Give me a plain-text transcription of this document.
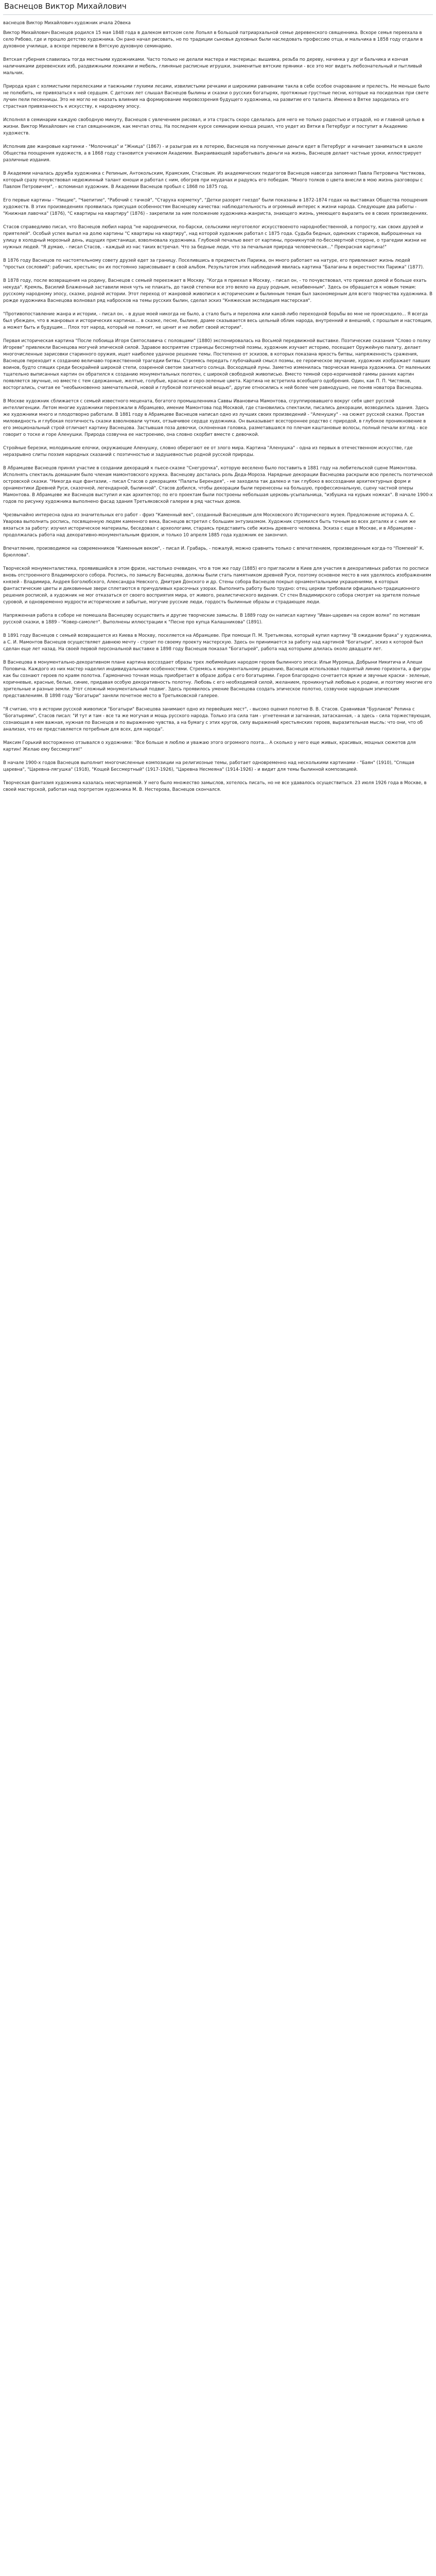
Васнецов Виктор Михайлович
васнецов Виктор Михайлович-художник ичала 20века

Виктор Михайлович Васнецов родился 15 мая 1848 года в далеком вятском селе Лопьял в большой патриархальной семье деревенского священника. Вскоре семья переехала в село Рябово, где и прошло детство художника. Он рано начал рисовать, но по традиции сыновья духовных были наследовать профессию отца, и мальчика в 1858 году отдали в духовное училище, а вскоре перевели в Вятскую духовную семинарию.

Вятская губерния славилась тогда местными художниками. Часто только не делали мастера и мастерицы: вышивка, резьба по дереву, начинка у дуг и бальчика и кончая наличниками деревенских изб, раздвижными ложками и мебель, глиняные расписные игрушки, знаменитые вятские пряники - все это мог видеть любознательный и пытливый мальчик.

Природа края с холмистыми перелесками и таежными глухими лесами, извилистыми речками и широкими равнинами такла в себе особое очарование и прелесть. Не меньше было не полюбить, не привязаться к ней сердцем. С детских лет слышал Васнецов былины и сказки о русских богатырях, протяжные грустные песни, которые на посиделках при свете лучин пели песенницы. Это не могло не оказать влияния на формирование мировоззрения будущего художника, на развитие его таланта. Именно в Вятке зародилась его страстная привязанность к искусству, к народному эпосу.

Исполнял в семинарии каждую свободную минуту, Васнецов с увлечением рисовал, и эта страсть скоро сделалась для него не только радостью и отрадой, но и главной целью в жизни. Виктор Михайлович не стал священником, как мечтал отец. На последнем курсе семинарии юноша решил, что уедет из Вятки в Петербург и поступит в Академию художеств.

Исполнив две жанровые картинки - "Молочница" и "Жница" (1867) - и разыграв их в лотерею, Васнецов на полученные деньги едет в Петербург и начинает заниматься в школе Общества поощрения художеств, а в 1868 году становится учеником Академии. Выкраивающей заработывать деньги на жизнь, Васнецов делает частные уроки, иллюстрирует различные издания.

В Академии началась дружба художника с Репиным, Антокольским, Крамским, Стасовым. Из академических педагогов Васнецов навсегда запомнил Павла Петровича Чистякова, который сразу почувствовал недюжинный талант юноши и работал с ним, обогрев при неудачах и радуясь его победам. "Много толков о цвета внесли в мою жизнь разговоры с Павлом Петровичем", - вспоминал художник. В Академии Васнецов пробыл с 1868 по 1875 год.

Его первые картины - "Нищие", "Чаепитие", "Рабочий с тачкой", "Старуха корметку", "Детки разорят гнездо" были показаны в 1872-1874 годах на выставках Общества поощрения художеств. В этих произведениях проявилась присущая особенностям Васнецову качества: наблюдательность и огромный интерес к жизни народа. Следующие два работы - "Книжная лавочка" (1876), "С квартиры на квартиру" (1876) - закрепили за ним положение художника-жанриста, знающего жизнь, умеющего выразить ее в своих произведениях.

Стасов справедливо писал, что Васнецов любил народ "не народнически, по-барски, сельскими неуготоелог искусствоеното народнобественной, а попросту, как своих друзей и приятелей". Особый успех выпал на долю картины "С квартиры на квартиру", над которой художник работал с 1875 года. Судьба бедных, одиноких стариков, выброшенных на улицу в холодный морозный день, ищущих пристанище, взволновала художника. Глубокой печалью веет от картины, проникнутой по-бессмертной стороне, о трагедии жизни не нужных людей. "Я думаю, - писал Стасов, - каждый из нас таких встречал. Что за бедные люди, что за печальная природа человеческая..." Прекрасная картина!"

В 1876 году Васнецов по настоятельному совету друзей едет за границу. Поселившись в предместьях Парижа, он много работает на натуре, его привлекают жизнь людей "простых сословий": рабочих, крестьян; он их постоянно зарисовывает в свой альбом. Результатом этих наблюдений явилась картина "Балаганы в окрестностях Парижа" (1877).

В 1878 году, после возвращения на родину, Васнецов с семьей переезжает в Москву. "Когда я приехал в Москву, - писал он, - то почувствовал, что приехал домой и больше ехать некуда". Кремль, Василий Блаженный заставили меня чуть не плакать, до такой степени все это веяло на душу родным, незабвенным". Здесь он обращается к новым темам: русскому народному эпосу, сказке, родной истории. Этот переход от жанровой живописи к историческим и былинным темам был закономерным для всего творчества художника. В рожде художника Васнецова волновал ряд набросков на темы русских былин, сделал эскиз "Княжеская экспедиция мастерская".

"Противопоставление жанра и истории, - писал он, - в душе моей никогда не было, а стало быть и перелома или какой-либо переходной борьбы во мне не происходило... Я всегда был убежден, что в жанровых и исторических картинах... в сказке, песне, былине, драме сказывается весь цельный облик народа, внутренний и внешний, с прошлым и настоящим, а может быть и будущим... Плох тот народ, который не помнит, не ценит и не любит своей истории".

Первая историческая картина "После побоища Игоря Святославича с половцами" (1880) экспонировалась на Восьмой передвижной выставке. Поэтические сказания "Слово о полку Игореве" привлекли Васнецова могучей эпической силой. Здравое восприятие страницы бессмертной поэмы, художник изучает историю, посещает Оружейную палату, делает многочисленные зарисовки старинного оружия, ищет наиболее удачное решение темы. Постепенно от эскизов, в которых показана яркость битвы, напряженность сражения, Васнецов переходит к созданию величаво-торжественной трагедии битвы. Стремясь передать глубочайший смысл поэмы, ее героическое звучание, художник изображает павших воинов, будто спящих среди бескрайней широкой степи, озаренной светом закатного солнца. Восходящей луны. Заметно изменилась творческая манера художника. От маленьких тщательно выписанных картин он обратился к созданию монументальных полотен, с широкой свободной живописью. Вместо темной серо-коричневой гаммы ранних картин появляется звучные, но вместе с тем сдержанные, желтые, голубые, красные и серо-зеленые цвета. Картина не встретила всеобщего одобрения. Один, как П. П. Чистяков, восторгались, считая ее "необыкновенно замечательной, новой и глубокой поэтической вещью", другие относились к ней более чем равнодушно, не поняв новатора Васнецова.

В Москве художник сближается с семьей известного мецената, богатого промышленника Саввы Ивановича Мамонтова, сгруппировавшего вокруг себя цвет русской интеллигенции. Летом многие художники переезжали в Абрамцево, имение Мамонтова под Москвой, где становились спектакли, писались декорации, возводились здания. Здесь же художники много и плодотворно работали. В 1881 году в Абрамцеве Васнецов написал одно из лучших своих произведений - "Аленушку" - на сюжет русской сказки. Простая миловидность и глубокая поэтичность сказки взволновали чутких, отзывчивое сердце художника. Он выказывает всестороннее родство с природой, в глубокое проникновение в его эмоциональный строй отличает картину Васнецова. Застывшая поза девочки, склоненная головка, разметавшаяся по плечам каштановые волосы, полный печали взгляд - все говорит о тоске и горе Аленушки. Природа созвучна ее настроению, она словно скорбит вместе с девочкой.

Стройные березки, молодинькие елочки, окружающие Аленушку, словно оберегают ее от злого мира. Картина "Аленушка" - одна из первых в отечественном искусстве, где неразрывно слиты поэзия народных сказаний с поэтичностью и задушевностью родной русской природы.

В Абрамцеве Васнецов принял участие в создании декораций к пьесе-сказке "Снегурочка", которую веселено было поставить в 1881 году на любительской сцене Мамонтова. Исполнять спектакль домашним было членам мамонтовского кружка. Васнецову досталась роль Деда-Мороза. Нарядные декорации Васнецова раскрыли всю прелесть поэтической островской сказки. "Никогда еще фантазии, - писал Стасов о декорациях "Палаты Берендея", - не заходила так далеко и так глубоко в воссоздании архитектурных форм и орнаментики Древней Руси, сказочной, легендарной, былинной". Стасов добился, чтобы декорации были перенесены на большую, профессиональную, сцену частной оперы Мамонтова. В Абрамцеве же Васнецов выступил и как архитектор; по его проектам были построены небольшая церковь-усыпальница, "избушка на курьих ножках". В начале 1900-х годов по рисунку художника выполнено фасад здания Третьяковской галереи в ряд частных домов.

Чрезвычайно интересна одна из значительных его работ - фриз "Каменный век", созданный Васнецовым для Московского Исторического музея. Предложение историка А. С. Уварова выполнить роспись, посвященную людям каменного века, Васнецов встретил с большим энтузиазмом. Художник стремился быть точным во всех деталях и с ним же вязаться за работу: изучил историческое материалы, беседовал с археологами, стараясь представить себе жизнь древнего человека. Эскиза с еще в Москве, и в Абрамцеве - продолжалась работа над декоративно-монументальным фризом, и только 10 апреля 1885 года художник ее закончил.

Впечатление, производимое на современников "Каменным веком", - писал И. Грабарь, - пожалуй, можно сравнить только с впечатлением, произведенным когда-то "Помпеей" К. Брюллова".

Творческой монументалистика, проявившийся в этом фризе, настолько очевиден, что в том же году (1885) его пригласили в Киев для участия в декоративных работах по росписи вновь отстроенного Владимирского собора. Роспись, по замыслу Васнецова, должны были стать памятником древней Руси, поэтому основное место в них уделялось изображениям князей - Владимира, Андрея Боголюбского, Александра Невского, Дмитрия Донского и др. Стены собора Васнецов покрыл орнаментальными украшениями, в которых фантастические цветы и диковинные звери сплетаются в причудливых красочных узорах. Выполнить работу было трудно: отец церкви требовали официально-традиционного решения росписей, а художник не мог отказаться от своего восприятия мира, от живого, реалистического видения. Ст стен Владимирского собора смотрят на зрителя полные суровой, и одновременно мудрости исторические и забытые, могучие русские люди, гордость былинные образы и страдающее люди.

Напряженная работа в соборе не помешала Васнецову осуществить и другие творческие замыслы. В 1889 году он написал картину "Иван-царевич на сером волке" по мотивам русской сказки, в 1889 - "Ковер-самолет". Выполнены иллюстрации к "Песне про купца Калашникова" (1891).

В 1891 году Васнецов с семьей возвращается из Киева в Москву, поселяется на Абрамцеве. При помощи П. М. Третьякова, который купил картину "В ожидании брака" у художника, а С. И. Мамонтов Васнецов осуществляет давнюю мечту - строит по своему проекту мастерскую. Здесь он принимается за работу над картиной "Богатыри", эскиз к которой был сделан еще лет назад. На своей первой персональной выставке в 1898 году Васнецов показал "Богатырей", работа над которыми длилась около двадцати лет.

В Васнецова в монументально-декоративном плане картина воссоздает образы трех любимейших народом героев былинного эпоса: Ильи Муромца, Добрыни Никитича и Алеши Поповича. Каждого из них мастер наделил индивидуальными особенностями. Стремясь к монументальному решению, Васнецов использовал поднятый линию горизонта, а фигуры как бы сознают героев по краям полотна. Гармонично точная мощь приобретает в образе добра с его богатырями. Героя благородно сочетается яркие и звучные краски - зеленые, коричневые, красные, белые, синие, придавая особую декоративность полотну. Любовь с его необходимой силой, желанием, проникнутый любовью к родине, и поэтому многие его зрительные и разные земли. Этот сложный монументальный подвиг. Здесь проявилось умение Васнецова создать эпическое полотно, созвучное народным эпическим представлениям. В 1898 году "Богатыри" заняли почетное место в Третьяковской галерее.

"Я считаю, что в истории русской живописи "Богатыри" Васнецова занимают одно из первейших мест", - высоко оценил полотно В. В. Стасов. Сравнивая "Бурлаков" Репина с "Богатырями", Стасов писал: "И тут и там - все та же могучая и мощь русского народа. Только эта сила там - угнетенная и загнанная, затасканная, - а здесь - сила торжествующая, сознающая в нем важная, нужная по Васнецов и по выражению чувства, а на бумагу с этих кругов, силу выражений крестьянских героев, выразительная мысль: что они, что об анализах, что ее представляется потребным для всех, для народа".

Максим Горький восторженно отзывался о художнике: "Все больше я люблю и уважаю этого огромного поэта... А сколько у него еще живых, красивых, мощных сюжетов для картин! Желаю ему бессмертия!"

В начале 1900-х годов Васнецов выполнит многочисленные композиции на религиозные темы, работает одновременно над несколькими картинами - "Баян" (1910), "Спящая царевна", "Царевна-лягушка" (1918), "Кощей Бессмертный" (1917-1926), "Царевна Несмеяна" (1914-1926) - и видит для темы былинной композицией.

Творческая фантазия художника казалась неисчерпаемой. У него было множество замыслов, хотелось писать, но не все удавалось осуществиться. 23 июля 1926 года в Москве, в своей мастерской, работая над портретом художника М. В. Нестерова, Васнецов скончался.
